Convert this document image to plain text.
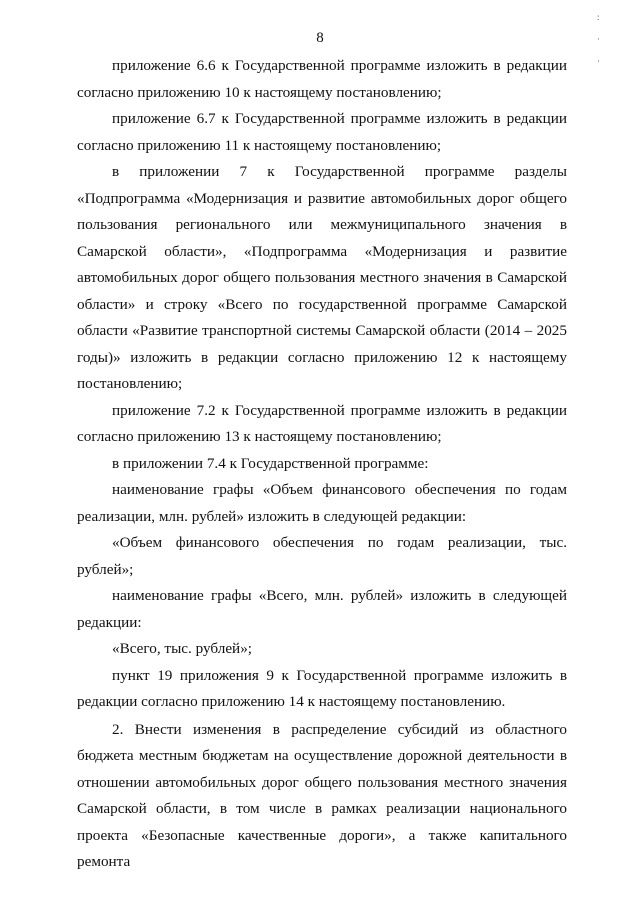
8
:
·
·

приложение 6.6 к Государственной программе изложить в редакции согласно приложению 10 к настоящему постановлению;

приложение 6.7 к Государственной программе изложить в редакции согласно приложению 11 к настоящему постановлению;

в приложении 7 к Государственной программе разделы «Подпрограмма «Модернизация и развитие автомобильных дорог общего пользования регионального или межмуниципального значения в Самарской области», «Подпрограмма «Модернизация и развитие автомобильных дорог общего пользования местного значения в Самарской области» и строку «Всего по государственной программе Самарской области «Развитие транспортной системы Самарской области (2014 – 2025 годы)» изложить в редакции согласно приложению 12 к настоящему постановлению;

приложение 7.2 к Государственной программе изложить в редакции согласно приложению 13 к настоящему постановлению;

в приложении 7.4 к Государственной программе:

наименование графы «Объем финансового обеспечения по годам реализации, млн. рублей» изложить в следующей редакции:

«Объем финансового обеспечения по годам реализации, тыс. рублей»;

наименование графы «Всего, млн. рублей» изложить в следующей редакции:

«Всего, тыс. рублей»;

пункт 19 приложения 9 к Государственной программе изложить в редакции согласно приложению 14 к настоящему постановлению.

2. Внести изменения в распределение субсидий из областного бюджета местным бюджетам на осуществление дорожной деятельности в отношении автомобильных дорог общего пользования местного значения Самарской области, в том числе в рамках реализации национального проекта «Безопасные качественные дороги», а также капитального ремонта
